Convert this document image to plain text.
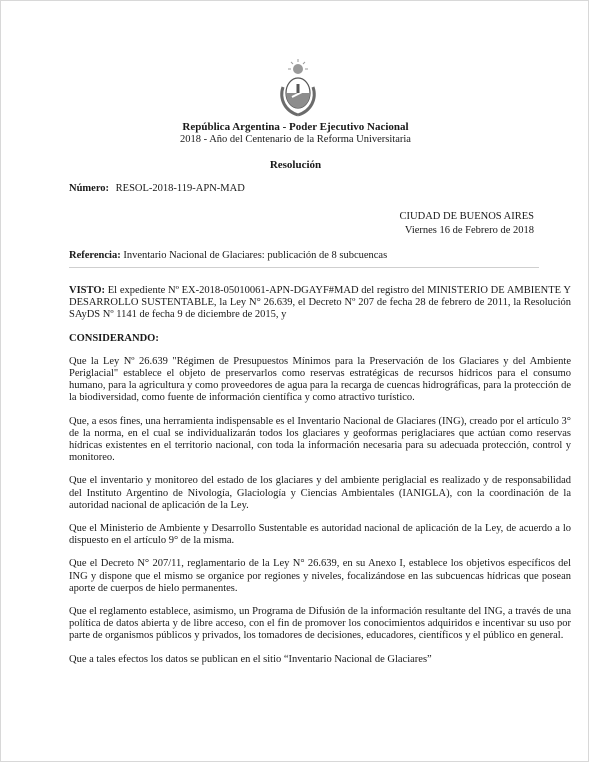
República Argentina - Poder Ejecutivo Nacional
2018 - Año del Centenario de la Reforma Universitaria
Resolución
Número: RESOL-2018-119-APN-MAD
CIUDAD DE BUENOS AIRES
Viernes 16 de Febrero de 2018
Referencia: Inventario Nacional de Glaciares: publicación de 8 subcuencas

VISTO: El expediente Nº EX-2018-05010061-APN-DGAYF#MAD del registro del MINISTERIO DE AMBIENTE Y DESARROLLO SUSTENTABLE, la Ley N° 26.639, el Decreto Nº 207 de fecha 28 de febrero de 2011, la Resolución SAyDS Nº 1141 de fecha 9 de diciembre de 2015, y

CONSIDERANDO:

Que la Ley Nº 26.639 "Régimen de Presupuestos Mínimos para la Preservación de los Glaciares y del Ambiente Periglacial" establece el objeto de preservarlos como reservas estratégicas de recursos hídricos para el consumo humano, para la agricultura y como proveedores de agua para la recarga de cuencas hidrográficas, para la protección de la biodiversidad, como fuente de información científica y como atractivo turístico.

Que, a esos fines, una herramienta indispensable es el Inventario Nacional de Glaciares (ING), creado por el artículo 3° de la norma, en el cual se individualizarán todos los glaciares y geoformas periglaciares que actúan como reservas hídricas existentes en el territorio nacional, con toda la información necesaria para su adecuada protección, control y monitoreo.

Que el inventario y monitoreo del estado de los glaciares y del ambiente periglacial es realizado y de responsabilidad del Instituto Argentino de Nivología, Glaciología y Ciencias Ambientales (IANIGLA), con la coordinación de la autoridad nacional de aplicación de la Ley.

Que el Ministerio de Ambiente y Desarrollo Sustentable es autoridad nacional de aplicación de la Ley, de acuerdo a lo dispuesto en el artículo 9° de la misma.

Que el Decreto N° 207/11, reglamentario de la Ley N° 26.639, en su Anexo I, establece los objetivos específicos del ING y dispone que el mismo se organice por regiones y niveles, focalizándose en las subcuencas hídricas que posean aporte de cuerpos de hielo permanentes.

Que el reglamento establece, asimismo, un Programa de Difusión de la información resultante del ING, a través de una política de datos abierta y de libre acceso, con el fin de promover los conocimientos adquiridos e incentivar su uso por parte de organismos públicos y privados, los tomadores de decisiones, educadores, científicos y el público en general.

Que a tales efectos los datos se publican en el sitio “Inventario Nacional de Glaciares”
